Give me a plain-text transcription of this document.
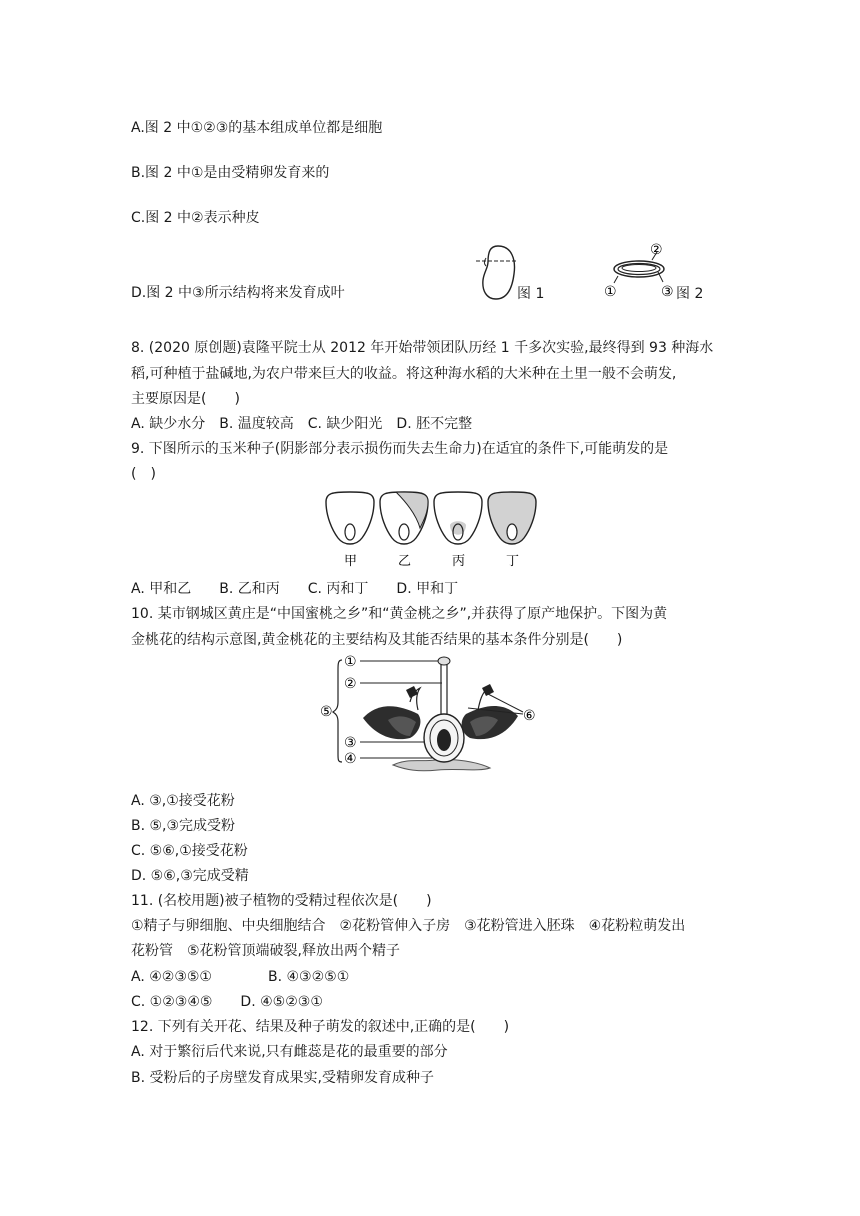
A.图 2 中①②③的基本组成单位都是细胞
B.图 2 中①是由受精卵发育来的
C.图 2 中②表示种皮
D.图 2 中③所示结构将来发育成叶	图 1
②
①	③ 图 2
8. (2020 原创题)袁隆平院士从 2012 年开始带领团队历经 1 千多次实验,最终得到 93 种海水
稻,可种植于盐碱地,为农户带来巨大的收益。将这种海水稻的大米种在土里一般不会萌发,
主要原因是(　　)
A. 缺少水分　B. 温度较高　C. 缺少阳光　D. 胚不完整
9. 下图所示的玉米种子(阴影部分表示损伤而失去生命力)在适宜的条件下,可能萌发的是
(　)
甲	乙	丙	丁
A. 甲和乙　　B. 乙和丙　　C. 丙和丁　　D. 甲和丁
10. 某市钢城区黄庄是“中国蜜桃之乡”和“黄金桃之乡”,并获得了原产地保护。下图为黄
金桃花的结构示意图,黄金桃花的主要结构及其能否结果的基本条件分别是(　　)
⑤
①
②
③
④
⑥
A. ③,①接受花粉
B. ⑤,③完成受粉
C. ⑤⑥,①接受花粉
D. ⑤⑥,③完成受精
11. (名校用题)被子植物的受精过程依次是(　　)
①精子与卵细胞、中央细胞结合　②花粉管伸入子房　③花粉管进入胚珠　④花粉粒萌发出
花粉管　⑤花粉管顶端破裂,释放出两个精子
A. ④②③⑤①　　　　B. ④③②⑤①
C. ①②③④⑤　　D. ④⑤②③①
12. 下列有关开花、结果及种子萌发的叙述中,正确的是(　　)
A. 对于繁衍后代来说,只有雌蕊是花的最重要的部分
B. 受粉后的子房壁发育成果实,受精卵发育成种子
